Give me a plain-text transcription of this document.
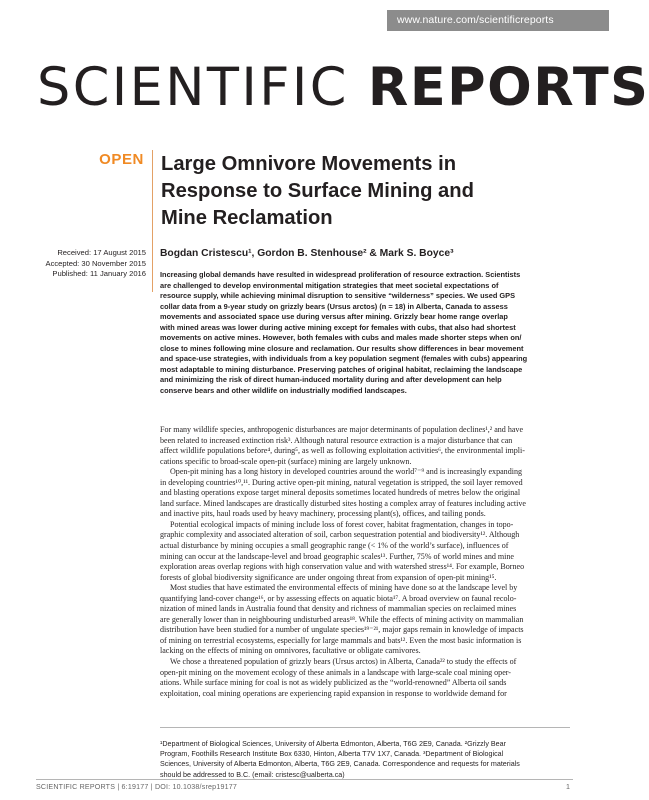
www.nature.com/scientificreports
SCIENTIFIC REPORTS
OPEN Large Omnivore Movements in
Response to Surface Mining and
Mine Reclamation
Bogdan Cristescu¹, Gordon B. Stenhouse² & Mark S. Boyce³
Received: 17 August 2015
Accepted: 30 November 2015
Published: 11 January 2016 Increasing global demands have resulted in widespread proliferation of resource extraction. Scientists
are challenged to develop environmental mitigation strategies that meet societal expectations of
resource supply, while achieving minimal disruption to sensitive “wilderness” species. We used GPS
collar data from a 9-year study on grizzly bears (Ursus arctos) (n = 18) in Alberta, Canada to assess
movements and associated space use during versus after mining. Grizzly bear home range overlap
with mined areas was lower during active mining except for females with cubs, that also had shortest
movements on active mines. However, both females with cubs and males made shorter steps when on/
close to mines following mine closure and reclamation. Our results show differences in bear movement
and space-use strategies, with individuals from a key population segment (females with cubs) appearing
most adaptable to mining disturbance. Preserving patches of original habitat, reclaiming the landscape
and minimizing the risk of direct human-induced mortality during and after development can help
conserve bears and other wildlife on industrially modified landscapes.
For many wildlife species, anthropogenic disturbances are major determinants of population declines¹,² and have
been related to increased extinction risk³. Although natural resource extraction is a major disturbance that can
affect wildlife populations before⁴, during⁵, as well as following exploitation activities⁶, the environmental impli-
cations specific to broad-scale open-pit (surface) mining are largely unknown.
Open-pit mining has a long history in developed countries around the world⁷⁻⁹ and is increasingly expanding
in developing countries¹⁰,¹¹. During active open-pit mining, natural vegetation is stripped, the soil layer removed
and blasting operations expose target mineral deposits sometimes located hundreds of metres below the original
land surface. Mined landscapes are drastically disturbed sites hosting a complex array of features including active
and inactive pits, haul roads used by heavy machinery, processing plant(s), offices, and tailing ponds.
Potential ecological impacts of mining include loss of forest cover, habitat fragmentation, changes in topo-
graphic complexity and associated alteration of soil, carbon sequestration potential and biodiversity¹². Although
actual disturbance by mining occupies a small geographic range (< 1% of the world’s surface), influences of
mining can occur at the landscape-level and broad geographic scales¹³. Further, 75% of world mines and mine
exploration areas overlap regions with high conservation value and with watershed stress¹⁴. For example, Borneo
forests of global biodiversity significance are under ongoing threat from expansion of open-pit mining¹⁵.
Most studies that have estimated the environmental effects of mining have done so at the landscape level by
quantifying land-cover change¹⁶, or by assessing effects on aquatic biota¹⁷. A broad overview on faunal recolo-
nization of mined lands in Australia found that density and richness of mammalian species on reclaimed mines
are generally lower than in neighbouring undisturbed areas¹⁸. While the effects of mining activity on mammalian
distribution have been studied for a number of ungulate species¹⁹⁻²¹, major gaps remain in knowledge of impacts
of mining on terrestrial ecosystems, especially for large mammals and bats¹². Even the most basic information is
lacking on the effects of mining on omnivores, facultative or obligate carnivores.
We chose a threatened population of grizzly bears (Ursus arctos) in Alberta, Canada²² to study the effects of
open-pit mining on the movement ecology of these animals in a landscape with large-scale coal mining oper-
ations. While surface mining for coal is not as widely publicized as the “world-renowned” Alberta oil sands
exploitation, coal mining operations are experiencing rapid expansion in response to worldwide demand for
¹Department of Biological Sciences, University of Alberta Edmonton, Alberta, T6G 2E9, Canada. ²Grizzly Bear
Program, Foothills Research Institute Box 6330, Hinton, Alberta T7V 1X7, Canada. ³Department of Biological
Sciences, University of Alberta Edmonton, Alberta, T6G 2E9, Canada. Correspondence and requests for materials
should be addressed to B.C. (email: cristesc@ualberta.ca)
SCIENTIFIC REPORTS | 6:19177 | DOI: 10.1038/srep19177	1
